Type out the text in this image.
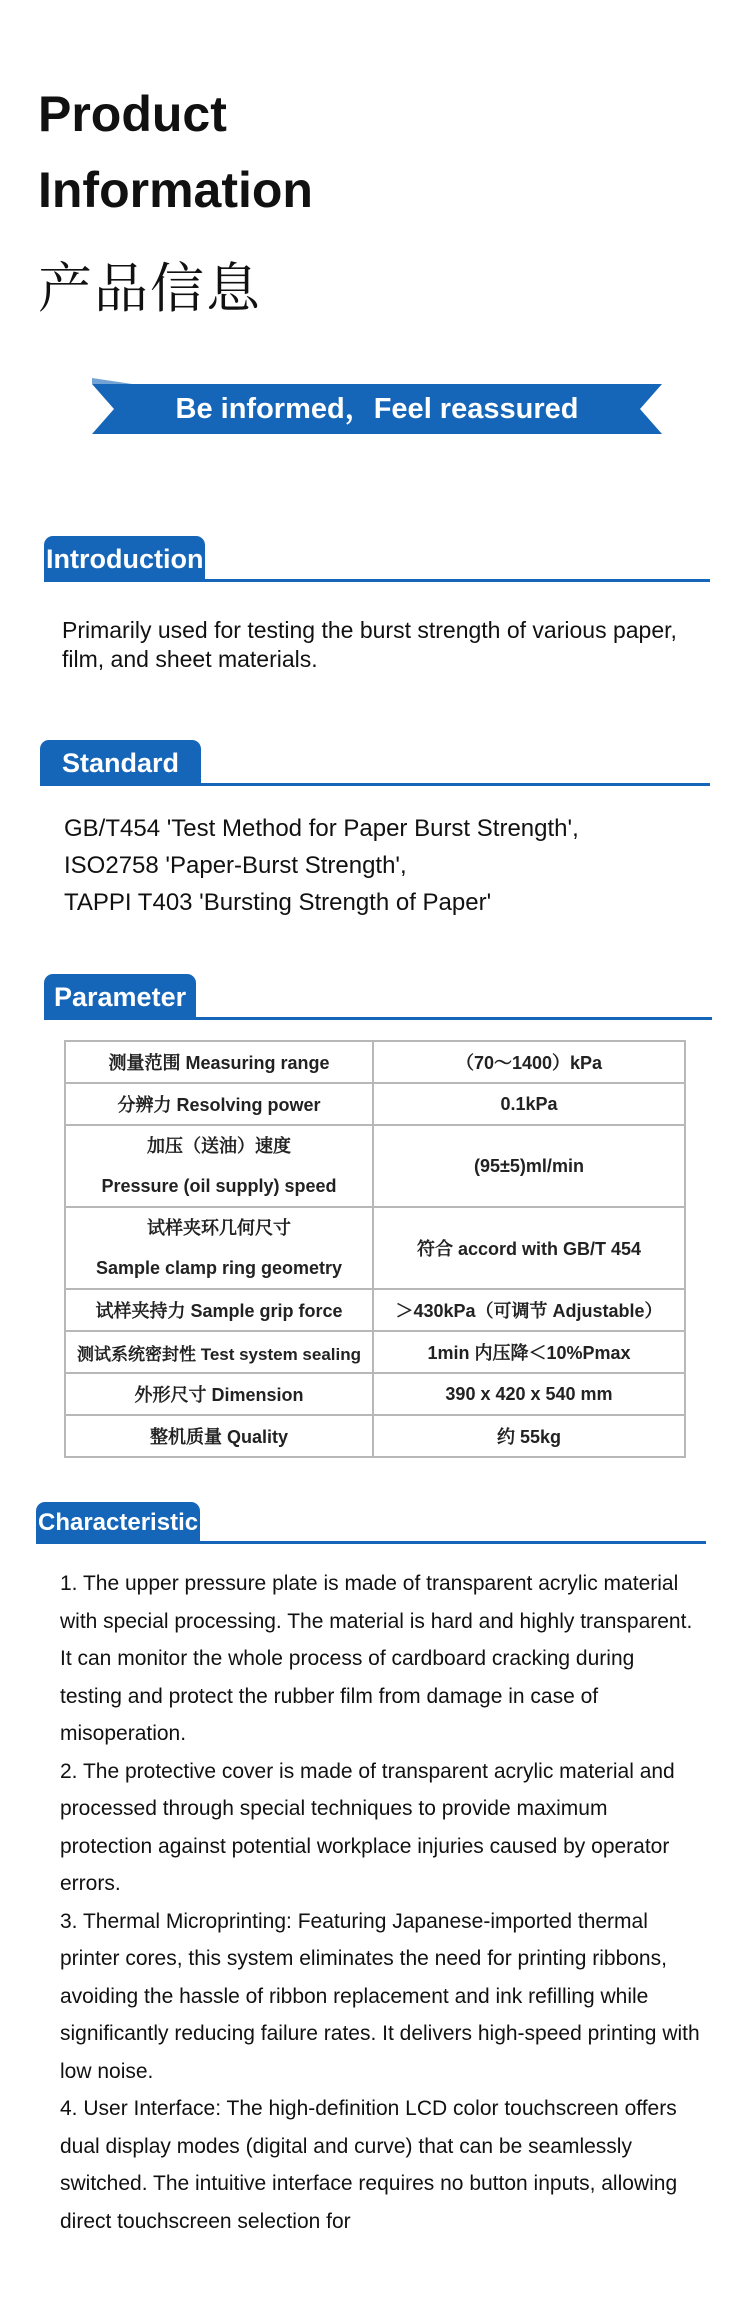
Product
Information
产品信息
Be informed，Feel reassured
Introduction
Primarily used for testing the burst strength of various paper, film, and sheet materials.
Standard
GB/T454 'Test Method for Paper Burst Strength',
ISO2758 'Paper-Burst Strength',
TAPPI T403 'Bursting Strength of Paper'
Parameter
测量范围 Measuring range	（70～1400）kPa
分辨力 Resolving power	0.1kPa

加压（送油）速度
Pressure (oil supply) speed	(95±5)ml/min

试样夹环几何尺寸
Sample clamp ring geometry	符合 accord with GB/T 454
试样夹持力 Sample grip force	＞430kPa（可调节 Adjustable）
测试系统密封性 Test system sealing	1min 内压降＜10%Pmax
外形尺寸 Dimension	390 x 420 x 540 mm
整机质量 Quality	约 55kg
Characteristic

1. The upper pressure plate is made of transparent acrylic material with special processing. The material is hard and highly transparent. It can monitor the whole process of cardboard cracking during testing and protect the rubber film from damage in case of misoperation.

2. The protective cover is made of transparent acrylic material and processed through special techniques to provide maximum protection against potential workplace injuries caused by operator errors.

3. Thermal Microprinting: Featuring Japanese-imported thermal printer cores, this system eliminates the need for printing ribbons, avoiding the hassle of ribbon replacement and ink refilling while significantly reducing failure rates. It delivers high-speed printing with low noise.

4. User Interface: The high-definition LCD color touchscreen offers dual display modes (digital and curve) that can be seamlessly switched. The intuitive interface requires no button inputs, allowing direct touchscreen selection for
